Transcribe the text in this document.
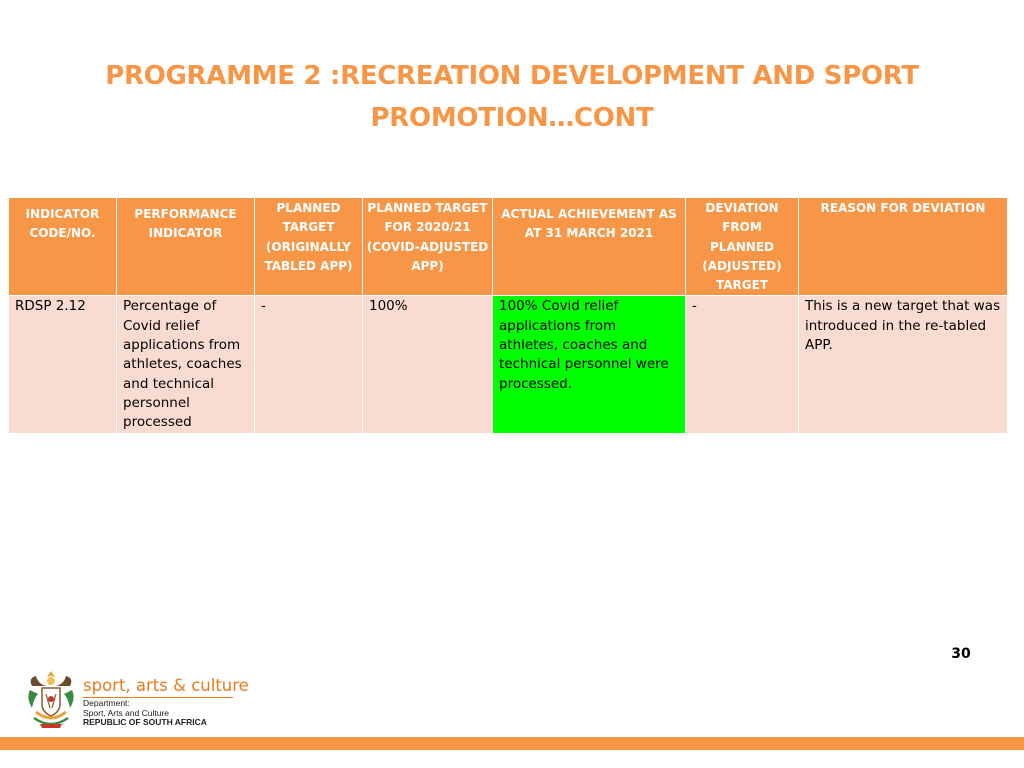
PROGRAMME 2 :RECREATION DEVELOPMENT AND SPORT
PROMOTION…CONT
INDICATOR CODE/NO.	PERFORMANCE INDICATOR	PLANNED TARGET (ORIGINALLY TABLED APP)	PLANNED TARGET FOR 2020/21 (COVID-ADJUSTED APP)	ACTUAL ACHIEVEMENT AS AT 31 MARCH 2021	DEVIATION FROM PLANNED (ADJUSTED) TARGET	REASON FOR DEVIATION
RDSP 2.12	Percentage of Covid relief applications from athletes, coaches and technical personnel processed	-	100%	100% Covid relief applications from athletes, coaches and technical personnel were processed.	-	This is a new target that was introduced in the re-tabled APP.
30
sport, arts & culture
Department:
Sport, Arts and Culture
REPUBLIC OF SOUTH AFRICA
